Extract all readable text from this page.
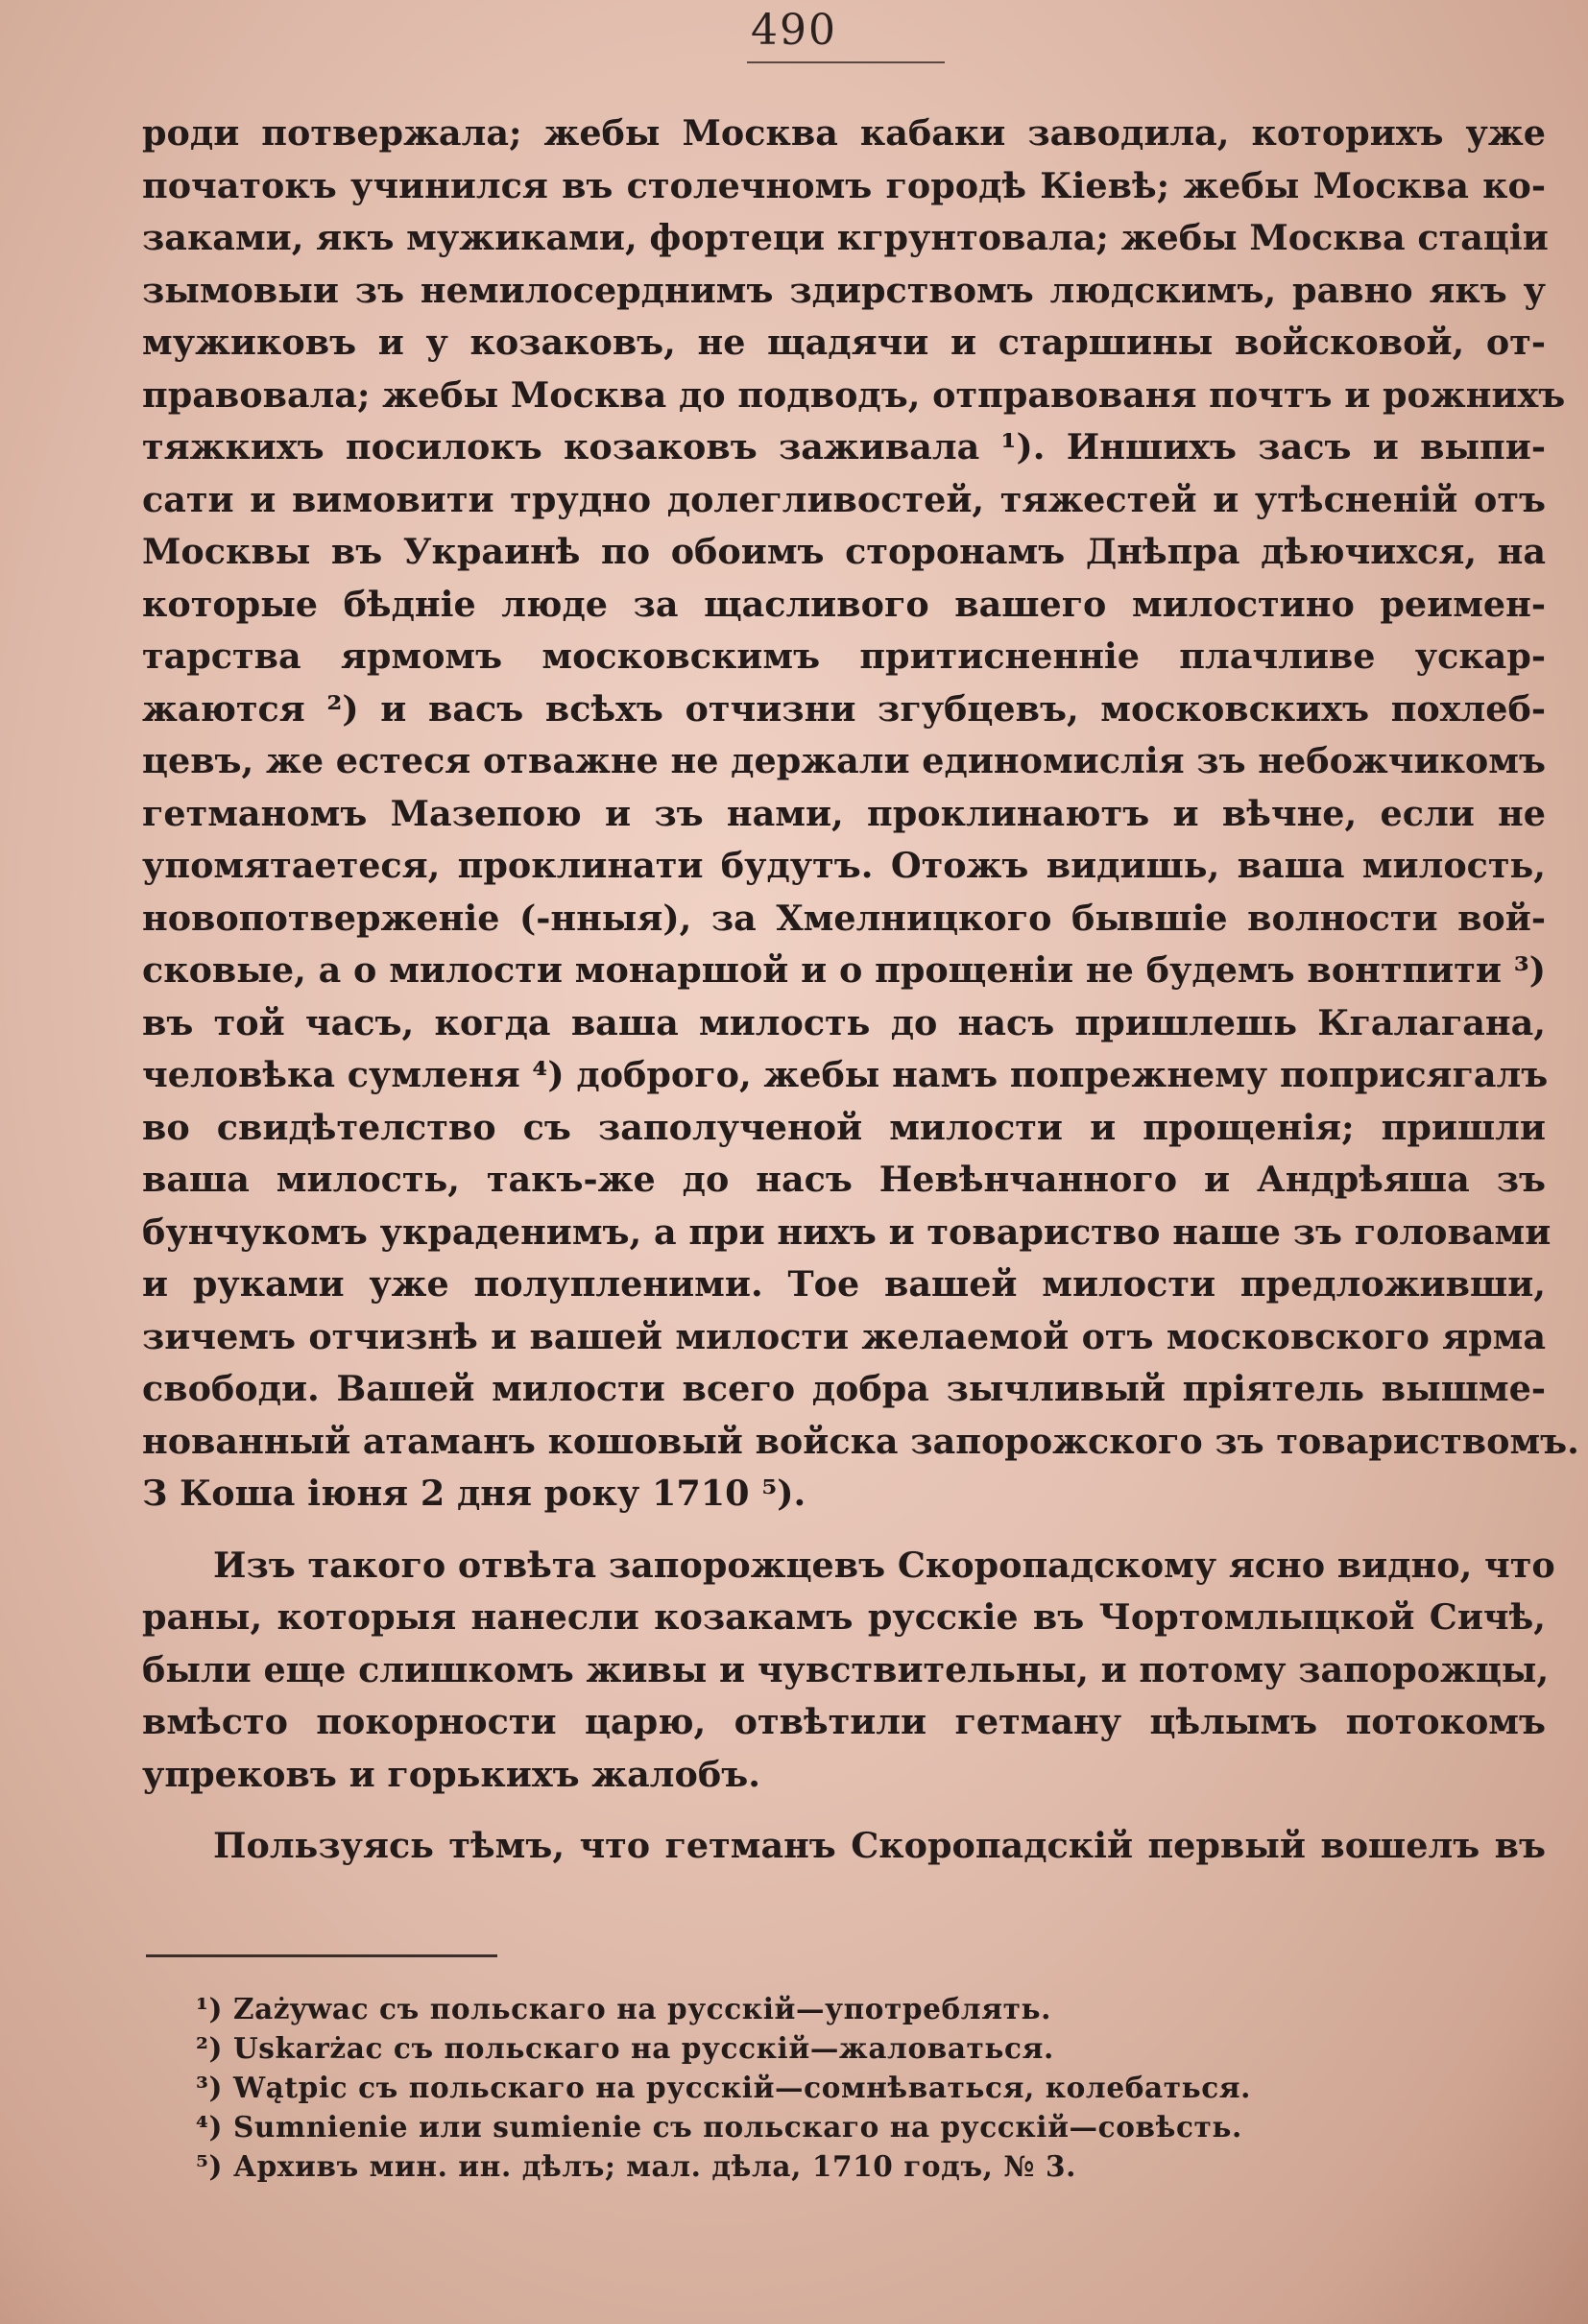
490
роди потвержала; жебы Москва кабаки заводила, которихъ уже
початокъ учинился въ столечномъ городѣ Кіевѣ; жебы Москва ко-
заками, якъ мужиками, фортеци кгрунтовала; жебы Москва стацiи
зымовыи зъ немилосерднимъ здирствомъ людскимъ, равно якъ у
мужиковъ и у козаковъ, не щадячи и старшины войсковой, от-
правовала; жебы Москва до подводъ, отправованя почтъ и рожнихъ
тяжкихъ посилокъ козаковъ заживала ¹). Иншихъ засъ и выпи-
сати и вимовити трудно долегливостей, тяжестей и утѣсненiй отъ
Москвы въ Украинѣ по обоимъ сторонамъ Днѣпра дѣючихся, на
которые бѣдніе люде за щасливого вашего милостино реимен-
тарства ярмомъ московскимъ притисненніе плачливе ускар-
жаются ²) и васъ всѣхъ отчизни згубцевъ, московскихъ похлеб-
цевъ, же естеся отважне не держали единомислiя зъ небожчикомъ
гетманомъ Мазепою и зъ нами, проклинаютъ и вѣчне, если не
упомятаетеся, проклинати будутъ. Отожъ видишь, ваша милость,
новопотверженіе (-нныя), за Хмелницкого бывшіе волности вой-
сковые, а о милости монаршой и о прощенiи не будемъ вонтпити ³)
въ той часъ, когда ваша милость до насъ пришлешь Кгалагана,
человѣка сумленя ⁴) доброго, жебы намъ попрежнему поприсягалъ
во свидѣтелство съ заполученой милости и прощенія; пришли
ваша милость, такъ-же до насъ Невѣнчанного и Андрѣяша зъ
бунчукомъ украденимъ, а при нихъ и товариство наше зъ головами
и руками уже полупленими. Тое вашей милости предложивши,
зичемъ отчизнѣ и вашей милости желаемой отъ московского ярма
свободи. Вашей милости всего добра зычливый пріятель вышме-
нованный атаманъ кошовый войска запорожского зъ товариствомъ.
З Коша іюня 2 дня року 1710 ⁵).
Изъ такого отвѣта запорожцевъ Скоропадскому ясно видно, что
раны, которыя нанесли козакамъ русскіе въ Чортомлыцкой Сичѣ,
были еще слишкомъ живы и чувствительны, и потому запорожцы,
вмѣсто покорности царю, отвѣтили гетману цѣлымъ потокомъ
упрековъ и горькихъ жалобъ.
Пользуясь тѣмъ, что гетманъ Скоропадскій первый вошелъ въ
¹) Zażywac съ польскаго на русскій—употреблять.
²) Uskarżac съ польскаго на русскій—жаловаться.
³) Wątpic съ польскаго на русскій—сомнѣваться, колебаться.
⁴) Sumnienie или sumienie съ польскаго на русскій—совѣсть.
⁵) Архивъ мин. ин. дѣлъ; мал. дѣла, 1710 годъ, № 3.
